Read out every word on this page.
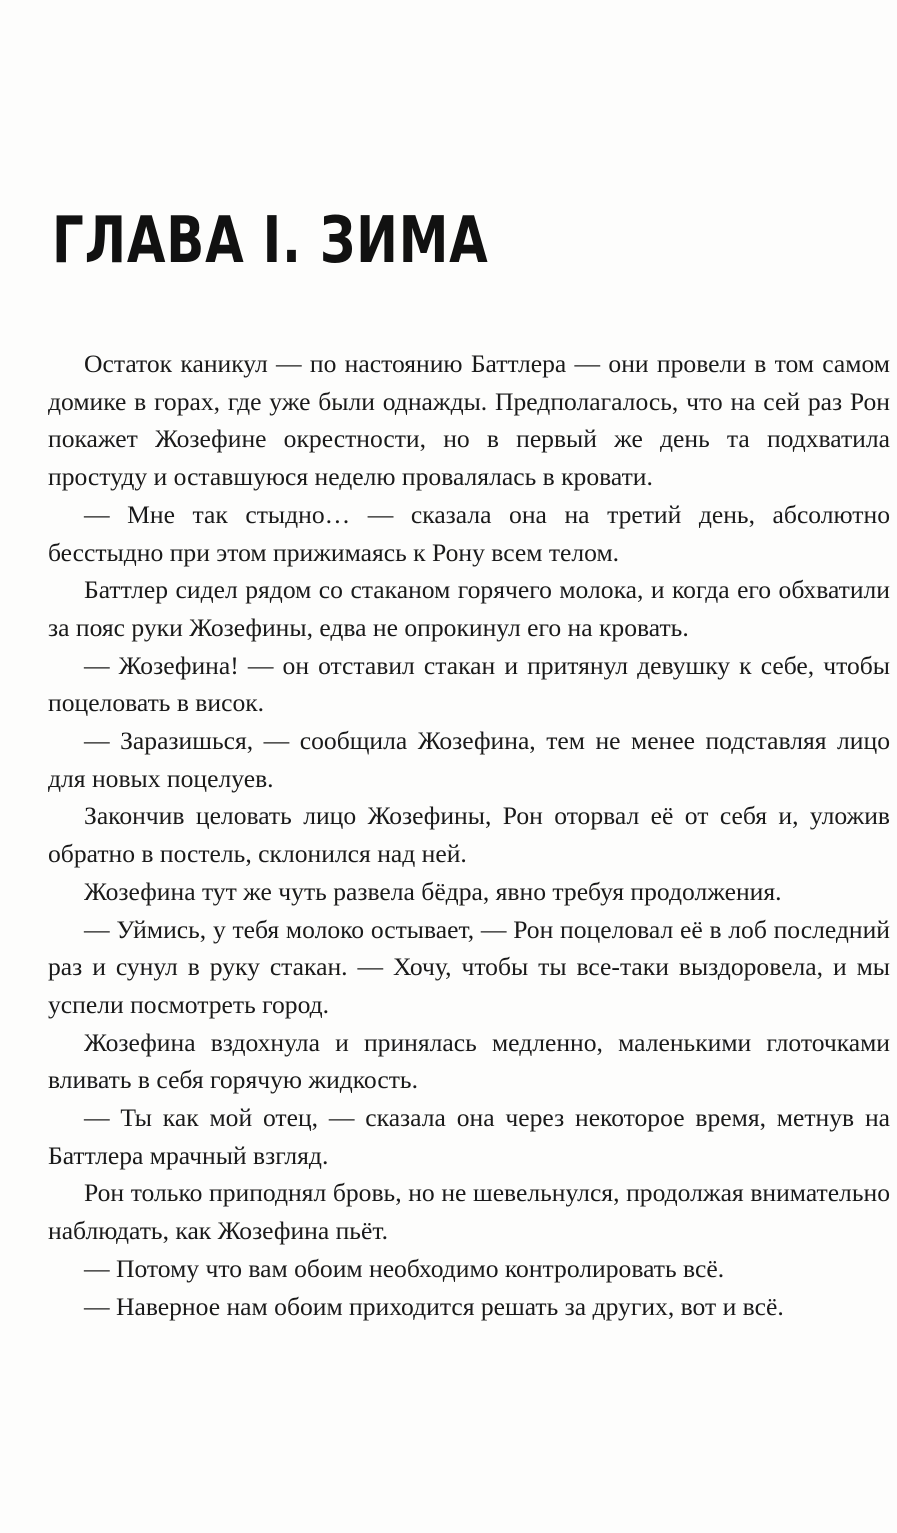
ГЛАВА I. ЗИМА

Остаток каникул — по настоянию Баттлера — они провели в том самом домике в горах, где уже были однажды. Предполагалось, что на сей раз Рон покажет Жозефине окрестности, но в первый же день та подхватила простуду и оставшуюся неделю провалялась в кровати.

— Мне так стыдно… — сказала она на третий день, абсолютно бесстыдно при этом прижимаясь к Рону всем телом.

Баттлер сидел рядом со стаканом горячего молока, и когда его обхватили за пояс руки Жозефины, едва не опрокинул его на кровать.

— Жозефина! — он отставил стакан и притянул девушку к себе, чтобы поцеловать в висок.

— Заразишься, — сообщила Жозефина, тем не менее подставляя лицо для новых поцелуев.

Закончив целовать лицо Жозефины, Рон оторвал её от себя и, уложив обратно в постель, склонился над ней.

Жозефина тут же чуть развела бёдра, явно требуя продолжения.

— Уймись, у тебя молоко остывает, — Рон поцеловал её в лоб последний раз и сунул в руку стакан. — Хочу, чтобы ты все-таки выздоровела, и мы успели посмотреть город.

Жозефина вздохнула и принялась медленно, маленькими глоточками вливать в себя горячую жидкость.

— Ты как мой отец, — сказала она через некоторое время, метнув на Баттлера мрачный взгляд.

Рон только приподнял бровь, но не шевельнулся, продолжая внимательно наблюдать, как Жозефина пьёт.

— Потому что вам обоим необходимо контролировать всё.

— Наверное нам обоим приходится решать за других, вот и всё.
